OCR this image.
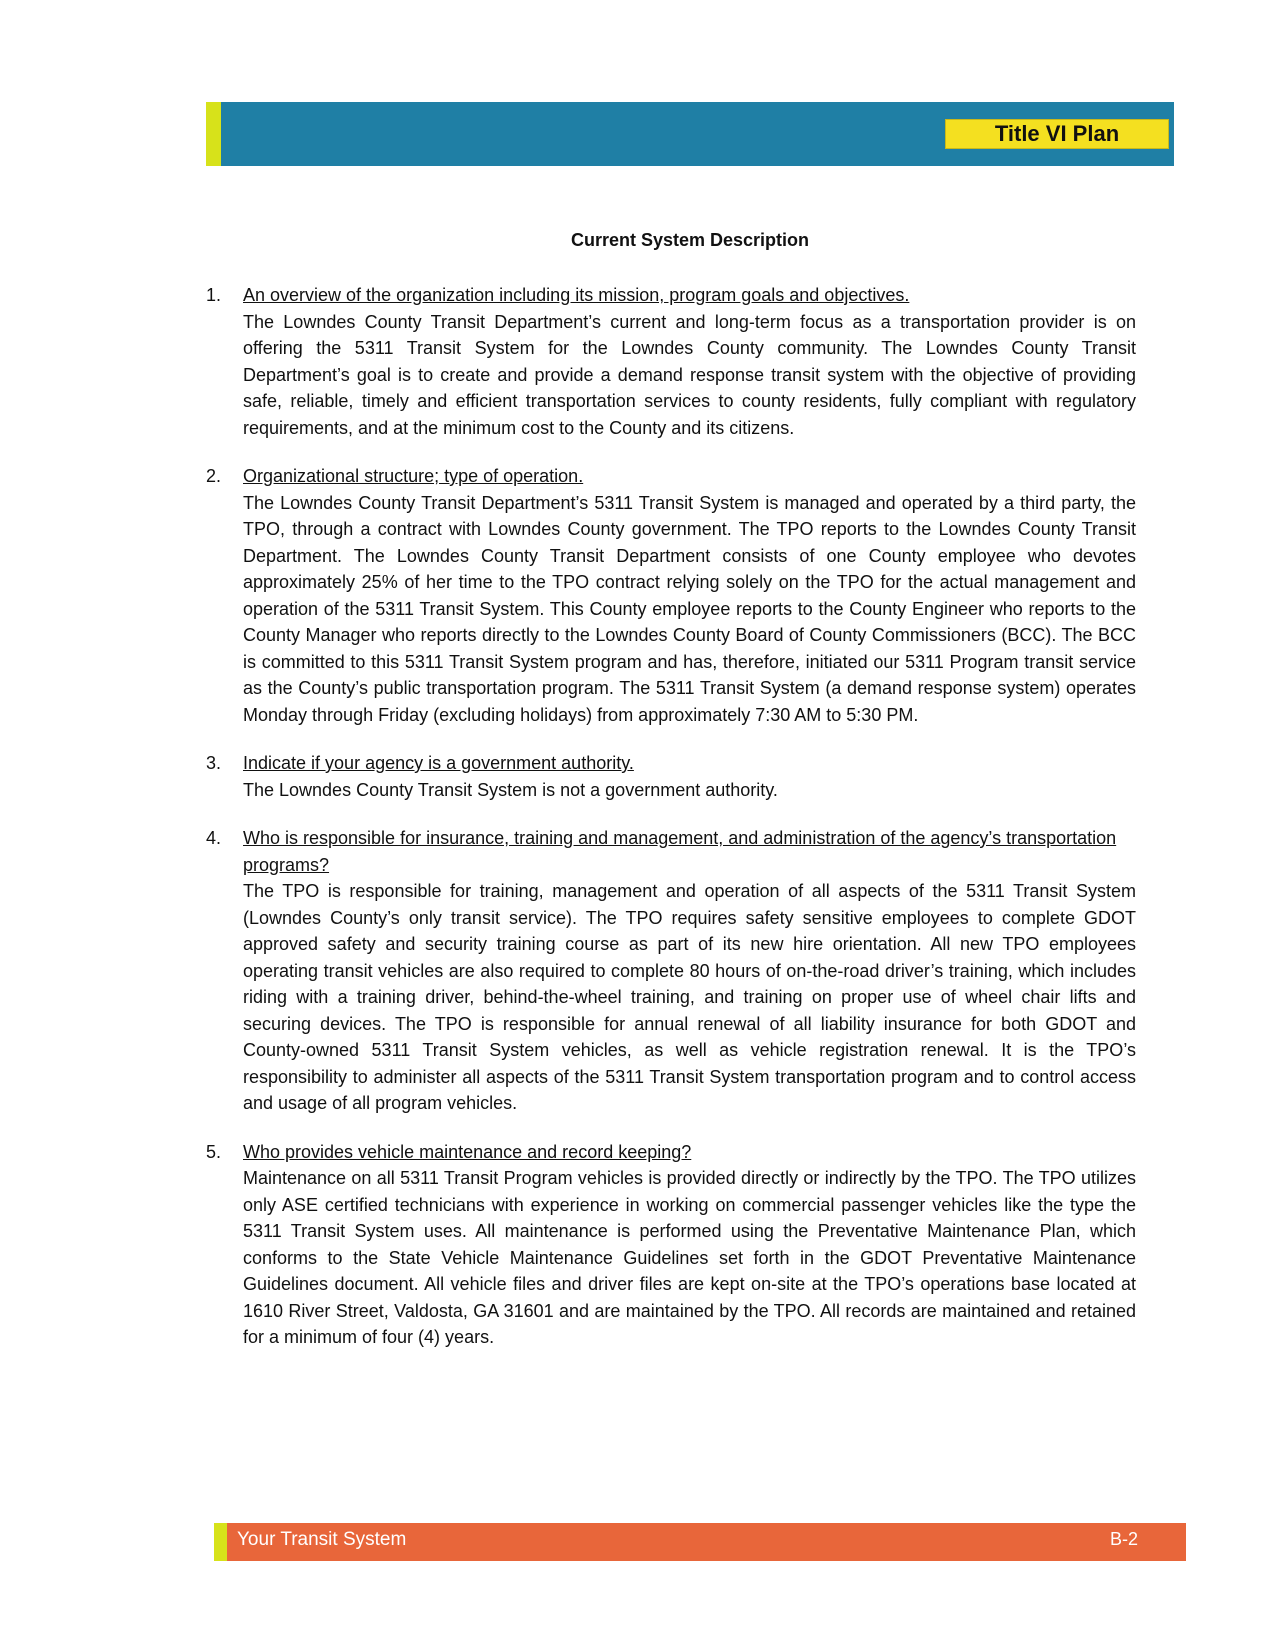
Title VI Plan
Current System Description
1. An overview of the organization including its mission, program goals and objectives.

The Lowndes County Transit Department’s current and long-term focus as a transportation provider is on offering the 5311 Transit System for the Lowndes County community. The Lowndes County Transit Department’s goal is to create and provide a demand response transit system with the objective of providing safe, reliable, timely and efficient transportation services to county residents, fully compliant with regulatory requirements, and at the minimum cost to the County and its citizens.

2. Organizational structure; type of operation.

The Lowndes County Transit Department’s 5311 Transit System is managed and operated by a third party, the TPO, through a contract with Lowndes County government. The TPO reports to the Lowndes County Transit Department. The Lowndes County Transit Department consists of one County employee who devotes approximately 25% of her time to the TPO contract relying solely on the TPO for the actual management and operation of the 5311 Transit System. This County employee reports to the County Engineer who reports to the County Manager who reports directly to the Lowndes County Board of County Commissioners (BCC). The BCC is committed to this 5311 Transit System program and has, therefore, initiated our 5311 Program transit service as the County’s public transportation program. The 5311 Transit System (a demand response system) operates Monday through Friday (excluding holidays) from approximately 7:30 AM to 5:30 PM.

3. Indicate if your agency is a government authority.

The Lowndes County Transit System is not a government authority.

4. Who is responsible for insurance, training and management, and administration of the agency’s transportation programs?

The TPO is responsible for training, management and operation of all aspects of the 5311 Transit System (Lowndes County’s only transit service). The TPO requires safety sensitive employees to complete GDOT approved safety and security training course as part of its new hire orientation. All new TPO employees operating transit vehicles are also required to complete 80 hours of on-the-road driver’s training, which includes riding with a training driver, behind-the-wheel training, and training on proper use of wheel chair lifts and securing devices. The TPO is responsible for annual renewal of all liability insurance for both GDOT and County-owned 5311 Transit System vehicles, as well as vehicle registration renewal. It is the TPO’s responsibility to administer all aspects of the 5311 Transit System transportation program and to control access and usage of all program vehicles.

5. Who provides vehicle maintenance and record keeping?

Maintenance on all 5311 Transit Program vehicles is provided directly or indirectly by the TPO. The TPO utilizes only ASE certified technicians with experience in working on commercial passenger vehicles like the type the 5311 Transit System uses. All maintenance is performed using the Preventative Maintenance Plan, which conforms to the State Vehicle Maintenance Guidelines set forth in the GDOT Preventative Maintenance Guidelines document. All vehicle files and driver files are kept on-site at the TPO’s operations base located at 1610 River Street, Valdosta, GA 31601 and are maintained by the TPO. All records are maintained and retained for a minimum of four (4) years.

Your Transit System	B-2
